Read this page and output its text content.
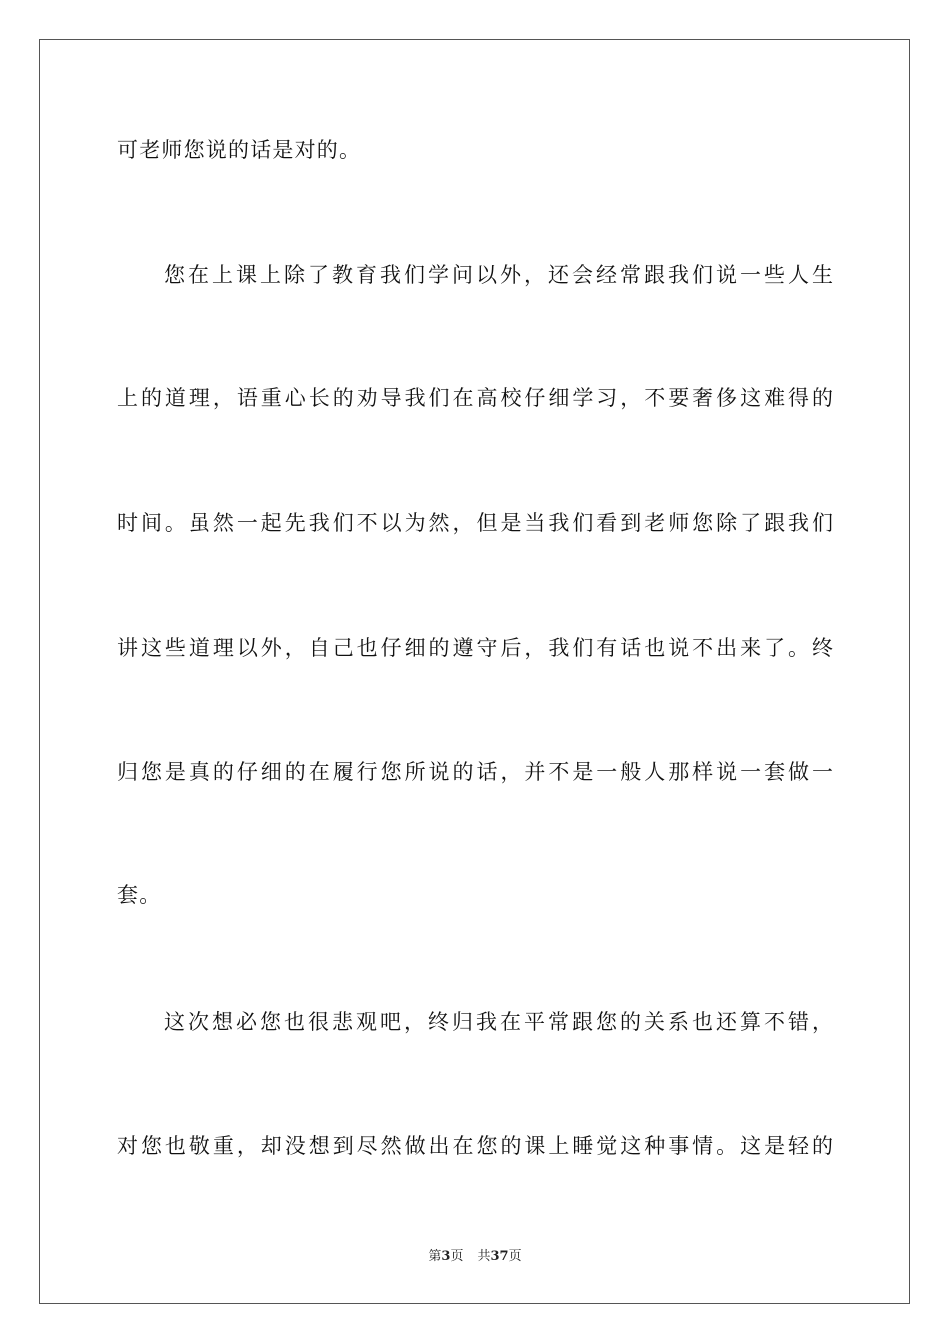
可老师您说的话是对的。
您在上课上除了教育我们学问以外，还会经常跟我们说一些人生
上的道理，语重心长的劝导我们在高校仔细学习，不要奢侈这难得的
时间。虽然一起先我们不以为然，但是当我们看到老师您除了跟我们
讲这些道理以外，自己也仔细的遵守后，我们有话也说不出来了。终
归您是真的仔细的在履行您所说的话，并不是一般人那样说一套做一
套。
这次想必您也很悲观吧，终归我在平常跟您的关系也还算不错，
对您也敬重，却没想到尽然做出在您的课上睡觉这种事情。这是轻的
第3页 共37页
